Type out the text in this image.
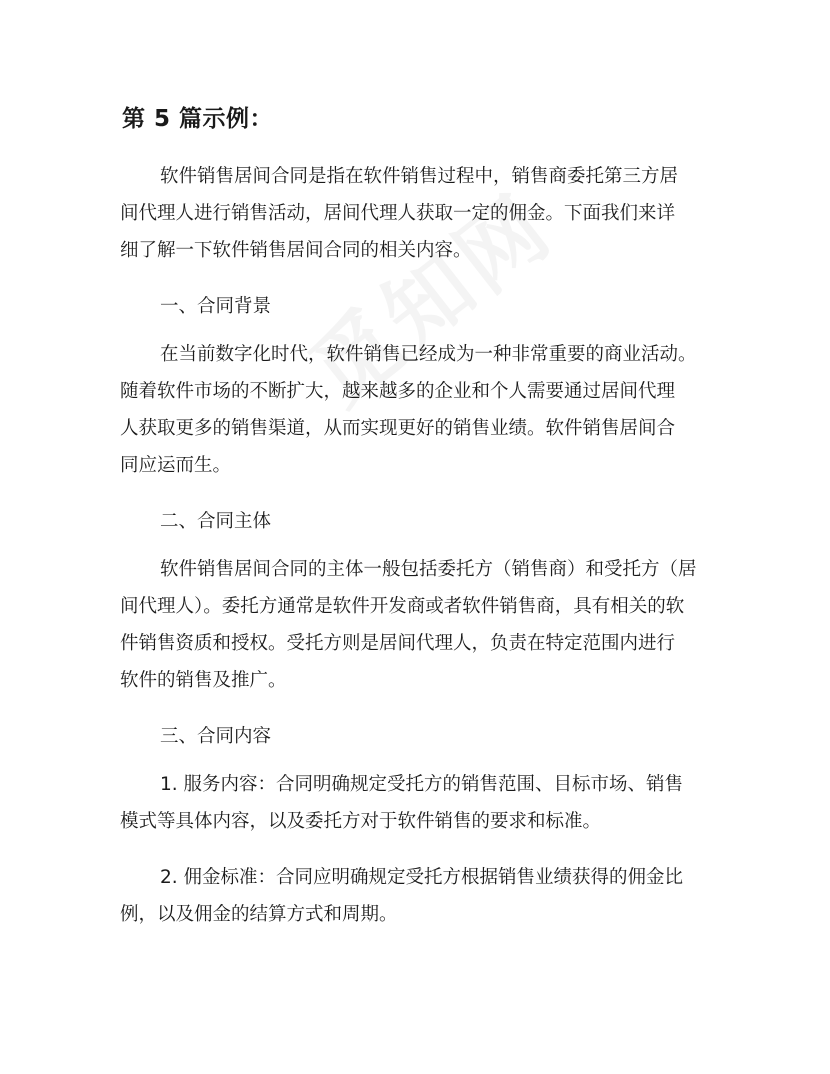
第 5 篇示例：

软件销售居间合同是指在软件销售过程中，销售商委托第三方居

间代理人进行销售活动，居间代理人获取一定的佣金。下面我们来详

细了解一下软件销售居间合同的相关内容。

一、合同背景

在当前数字化时代，软件销售已经成为一种非常重要的商业活动。

随着软件市场的不断扩大，越来越多的企业和个人需要通过居间代理

人获取更多的销售渠道，从而实现更好的销售业绩。软件销售居间合

同应运而生。

二、合同主体

软件销售居间合同的主体一般包括委托方（销售商）和受托方（居

间代理人）。委托方通常是软件开发商或者软件销售商，具有相关的软

件销售资质和授权。受托方则是居间代理人，负责在特定范围内进行

软件的销售及推广。

三、合同内容

1. 服务内容：合同明确规定受托方的销售范围、目标市场、销售

模式等具体内容，以及委托方对于软件销售的要求和标准。

2. 佣金标准：合同应明确规定受托方根据销售业绩获得的佣金比

例，以及佣金的结算方式和周期。
